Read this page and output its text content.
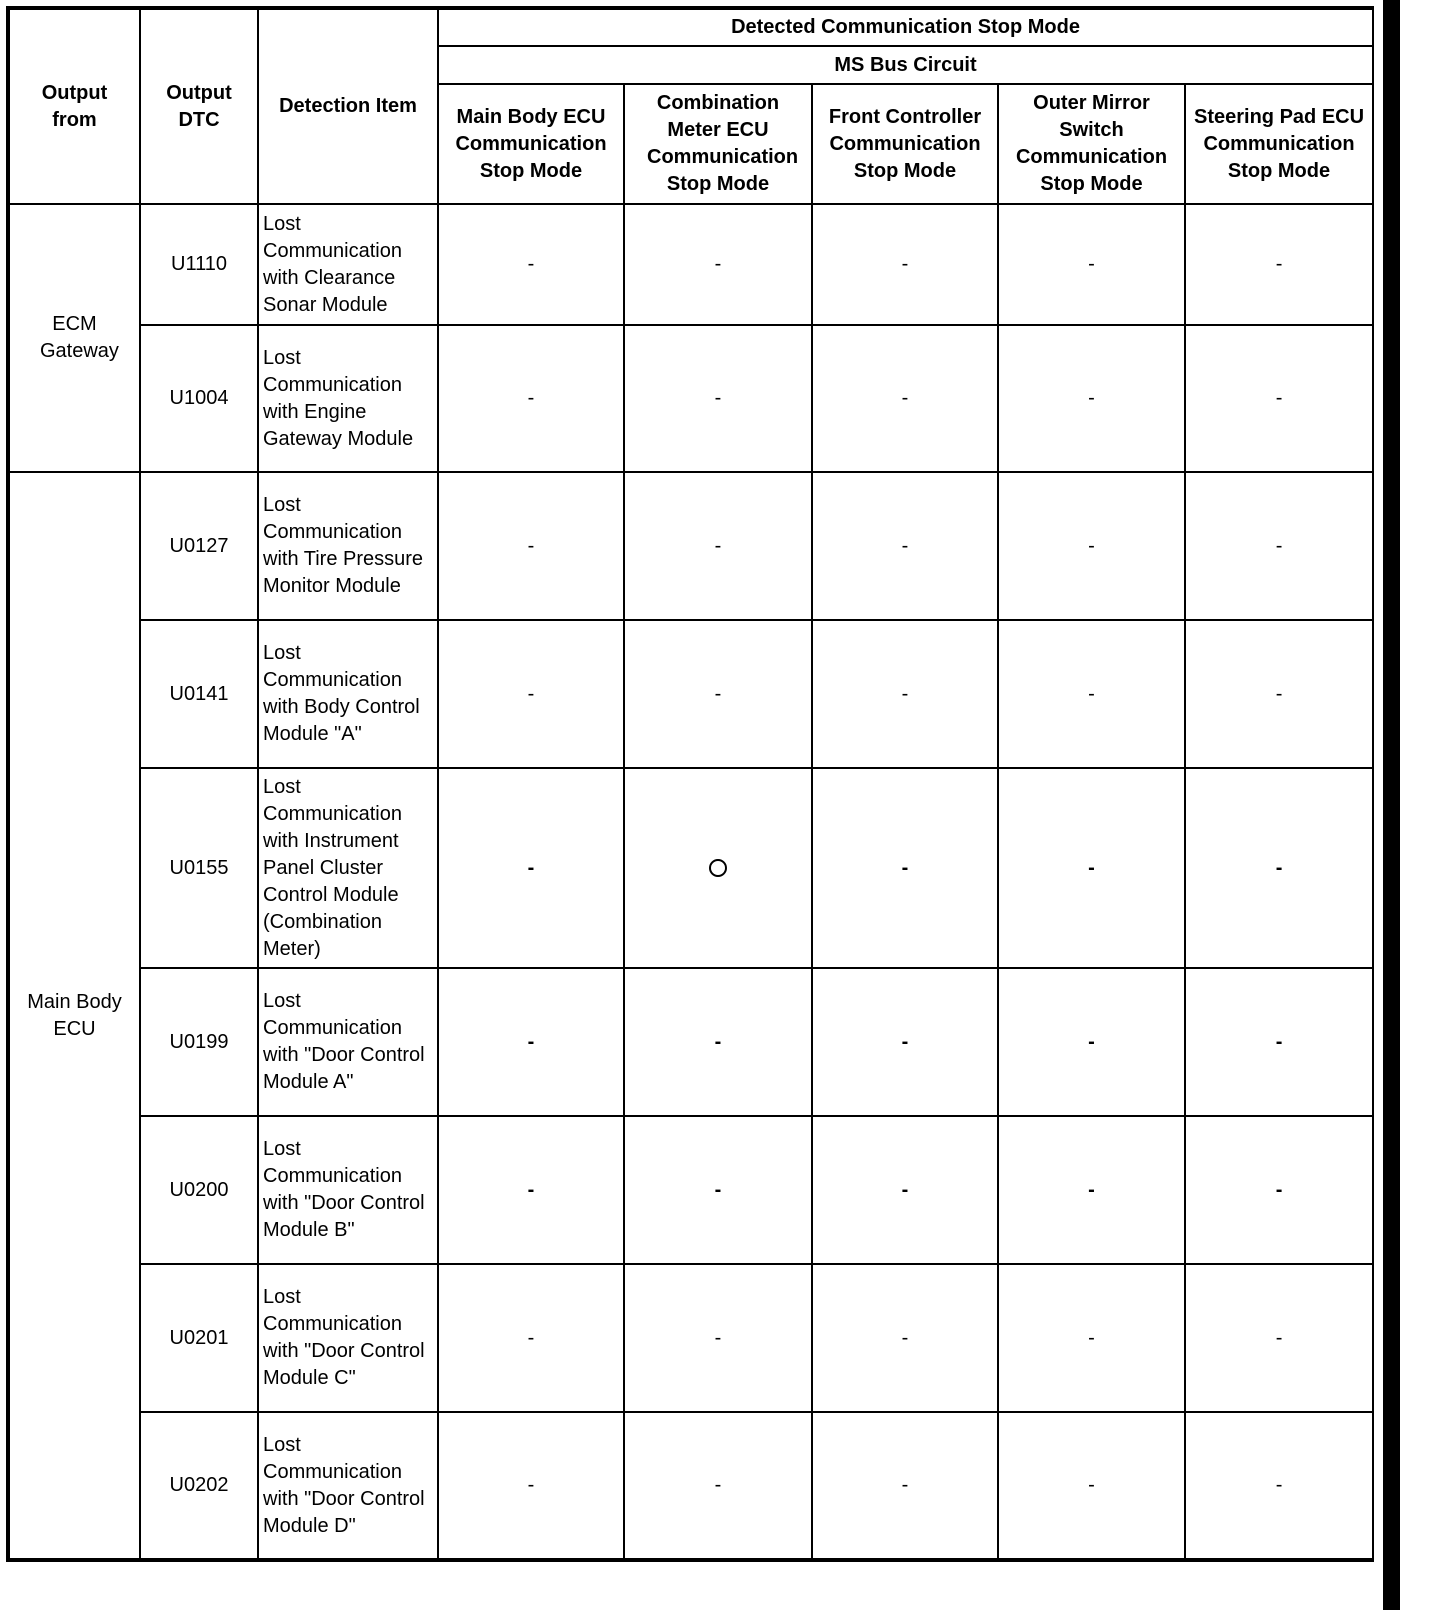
Output from	Output DTC	Detection Item	Detected Communication Stop Mode				
			MS Bus Circuit				
			Main Body ECU Communication Stop Mode	Combination Meter ECU Communication Stop Mode	Front Controller Communication Stop Mode	Outer Mirror Switch Communication Stop Mode	Steering Pad ECU Communication Stop Mode
ECM Gateway	U1110	Lost Communication with Clearance Sonar Module	-	-	-	-	-
	U1004	Lost Communication with Engine Gateway Module	-	-	-	-	-
Main Body ECU	U0127	Lost Communication with Tire Pressure Monitor Module	-	-	-	-	-
	U0141	Lost Communication with Body Control Module "A"	-	-	-	-	-
	U0155	Lost Communication with Instrument Panel Cluster Control Module (Combination Meter)	-		-	-	-
	U0199	Lost Communication with "Door Control Module A"	-	-	-	-	-
	U0200	Lost Communication with "Door Control Module B"	-	-	-	-	-
	U0201	Lost Communication with "Door Control Module C"	-	-	-	-	-
	U0202	Lost Communication with "Door Control Module D"	-	-	-	-	-
